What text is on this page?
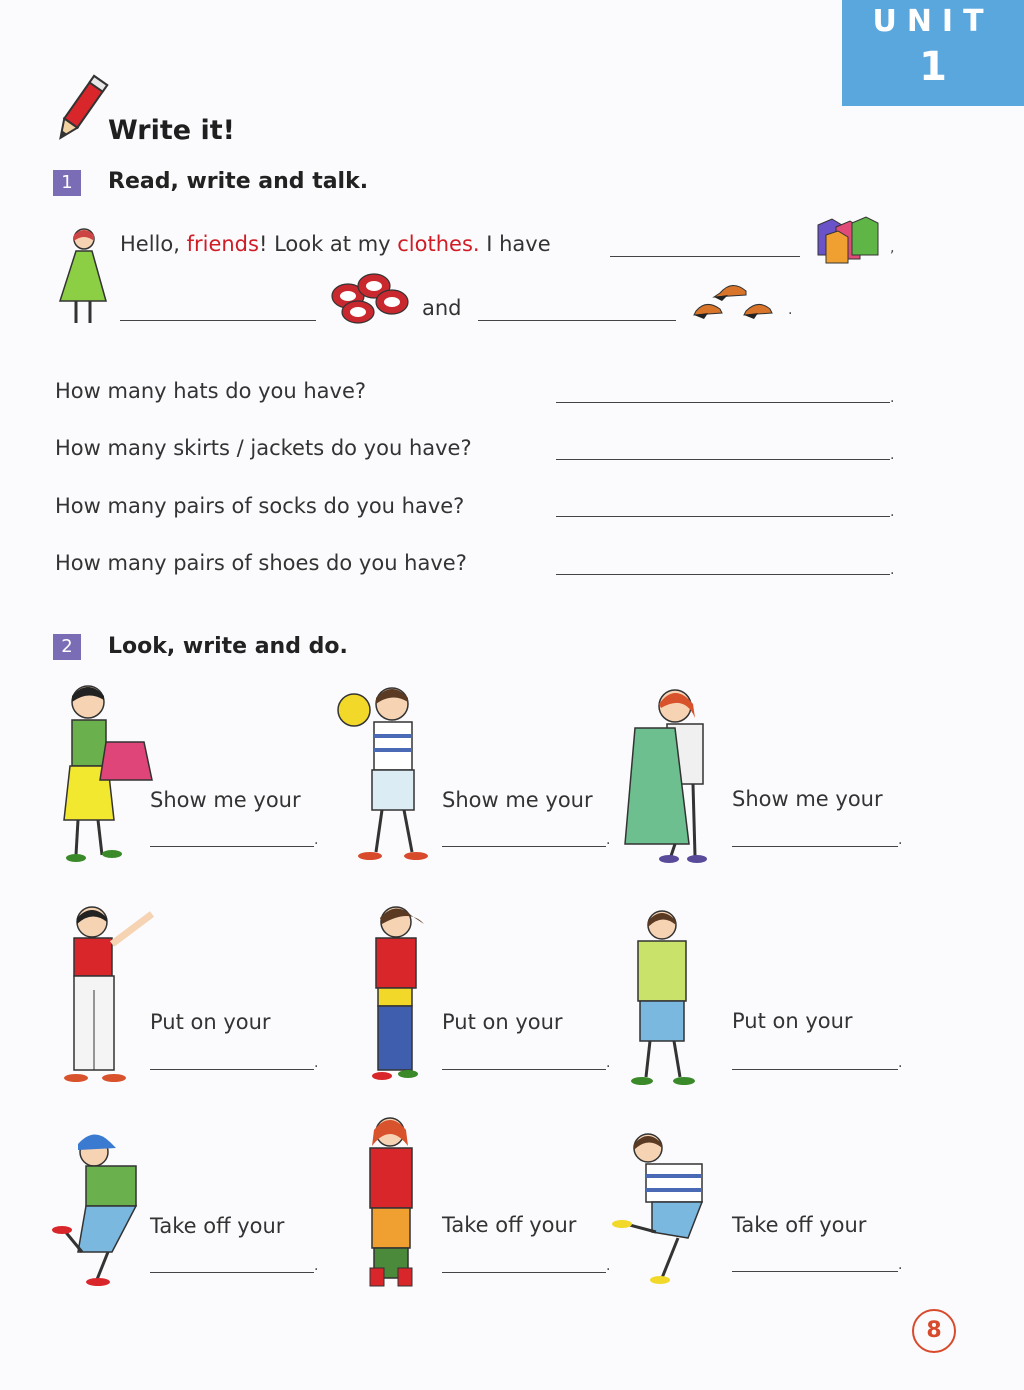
UNIT
1
Write it!
1	Read, write and talk.
Hello, friends! Look at my clothes. I have	,
and	.
How many hats do you have?	.
How many skirts / jackets do you have?	.
How many pairs of socks do you have?	.
How many pairs of shoes do you have?	.
2	Look, write and do.
Show me your
.
Show me your
.
Show me your
.
Put on your
.
Put on your
.
Put on your
.
Take off your
.
Take off your
.
Take off your
.
8
